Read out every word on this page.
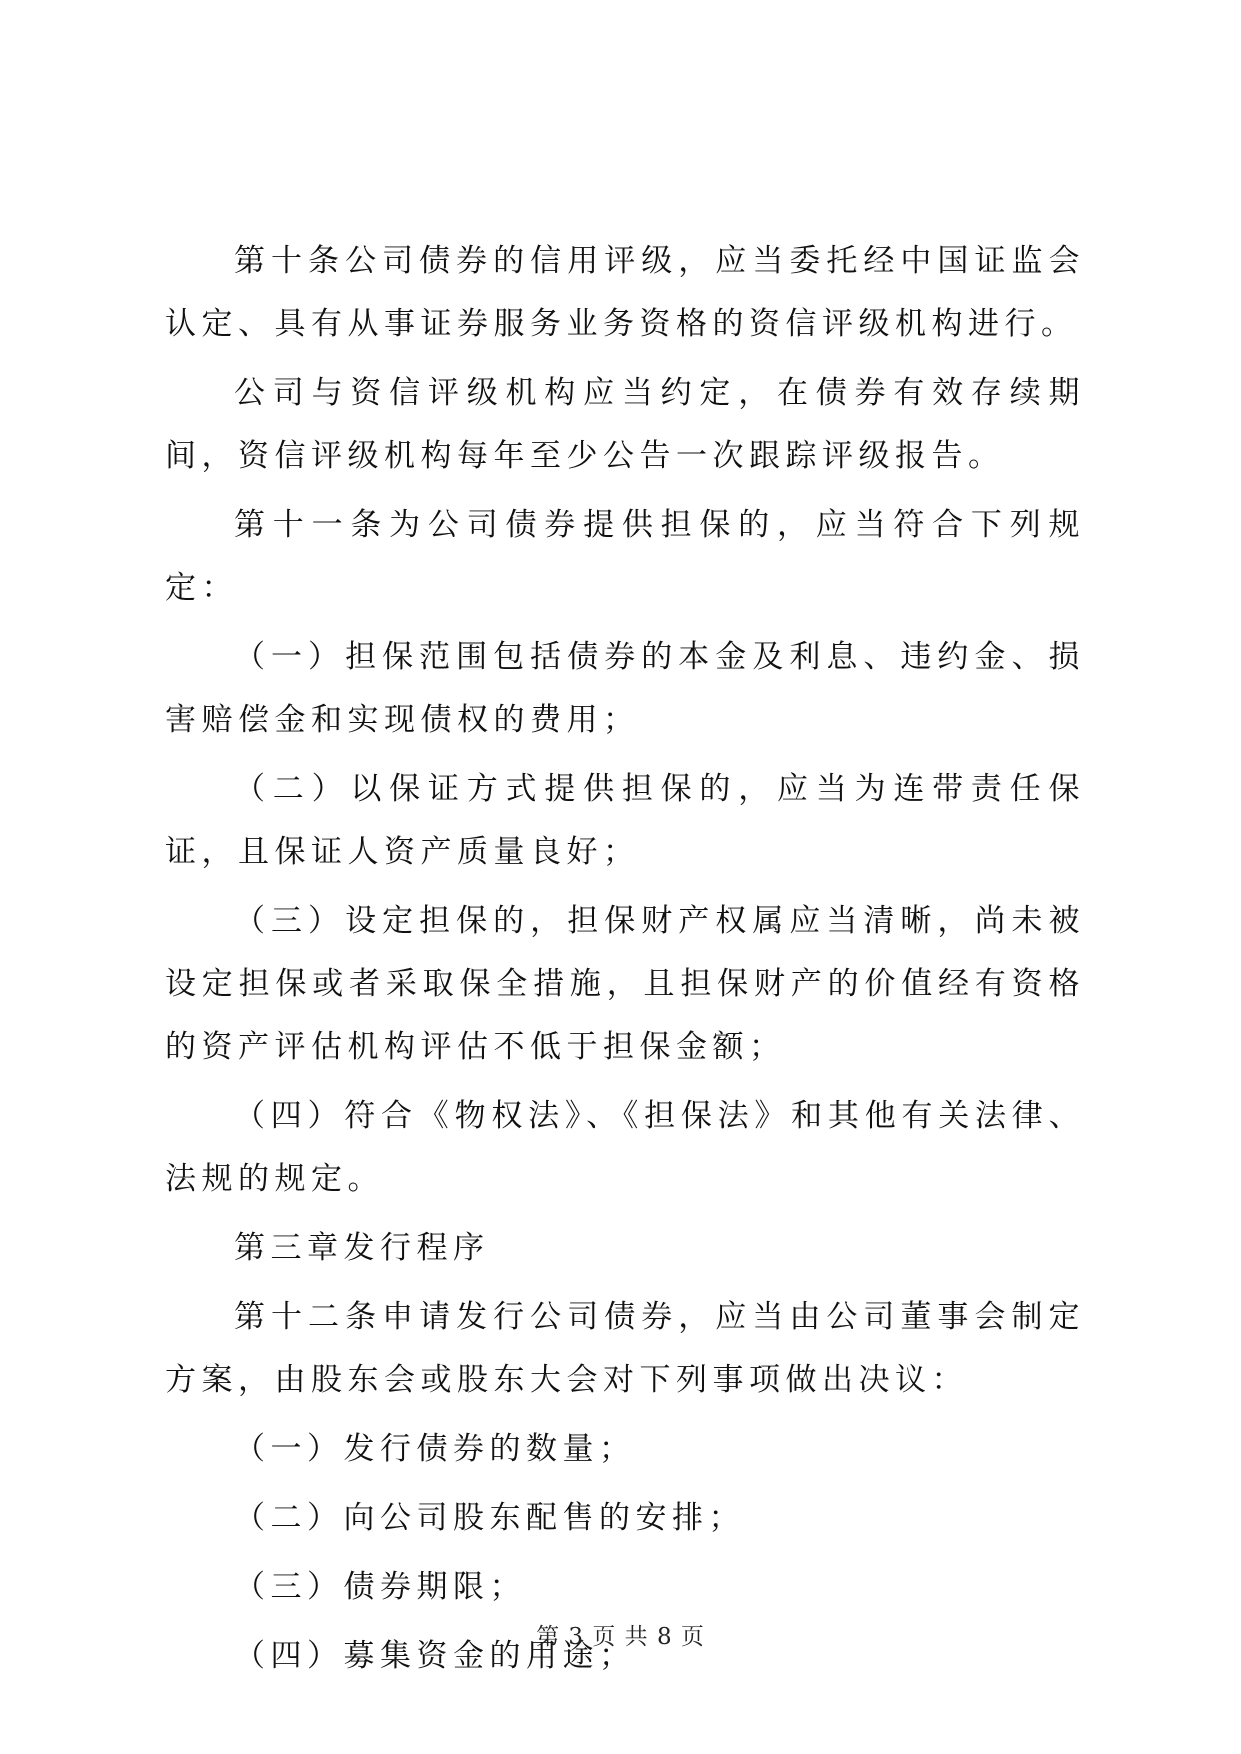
第十条公司债券的信用评级，应当委托经中国证监会认定、具有从事证券服务业务资格的资信评级机构进行。

公司与资信评级机构应当约定，在债券有效存续期间，资信评级机构每年至少公告一次跟踪评级报告。

第十一条为公司债券提供担保的，应当符合下列规定：

（一）担保范围包括债券的本金及利息、违约金、损害赔偿金和实现债权的费用；

（二）以保证方式提供担保的，应当为连带责任保证，且保证人资产质量良好；

（三）设定担保的，担保财产权属应当清晰，尚未被设定担保或者采取保全措施，且担保财产的价值经有资格的资产评估机构评估不低于担保金额；

（四）符合《物权法》、《担保法》和其他有关法律、法规的规定。

第三章发行程序

第十二条申请发行公司债券，应当由公司董事会制定方案，由股东会或股东大会对下列事项做出决议：

（一）发行债券的数量；

（二）向公司股东配售的安排；

（三）债券期限；

（四）募集资金的用途；

第 3 页 共 8 页
